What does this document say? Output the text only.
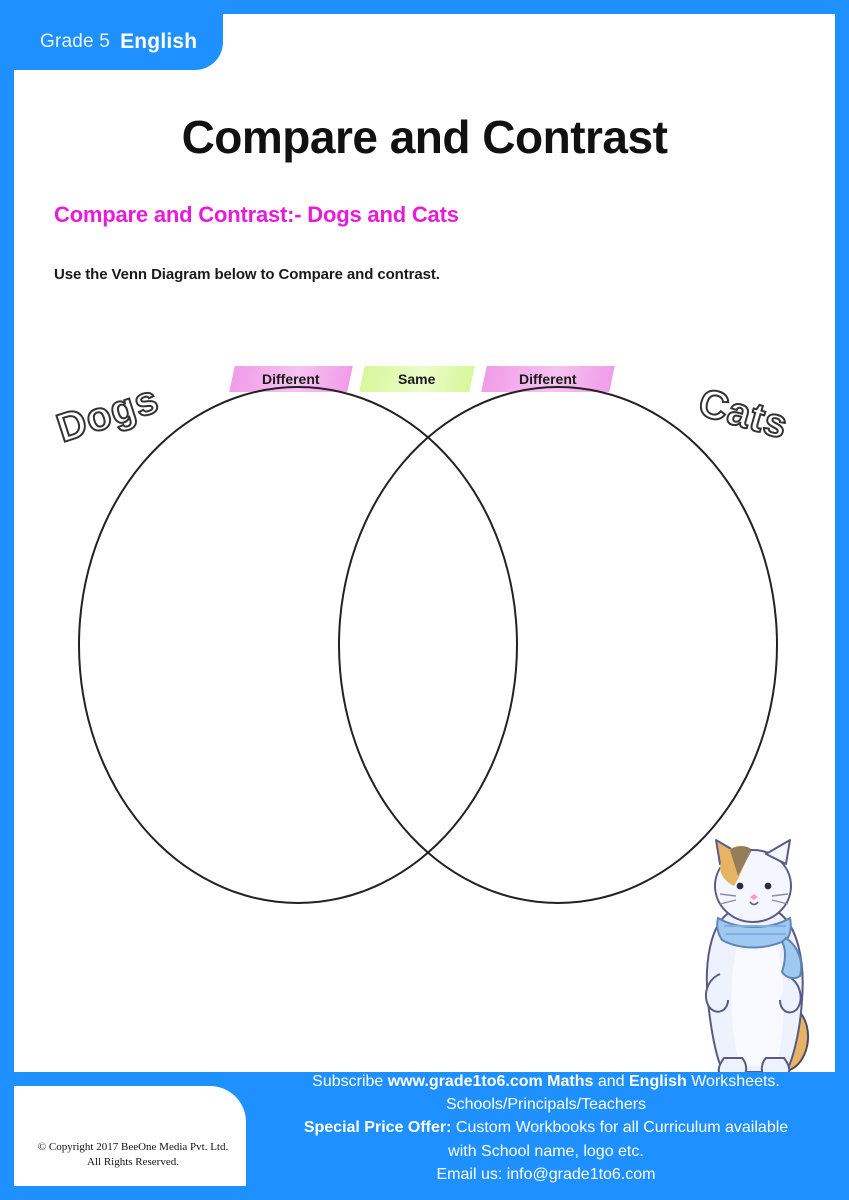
Grade 5 English
Compare and Contrast
Compare and Contrast:- Dogs and Cats
Use the Venn Diagram below to Compare and contrast.
Different	Same	Different
Dogs	Cats
© Copyright 2017 BeeOne Media Pvt. Ltd.
All Rights Reserved.
Subscribe www.grade1to6.com Maths and English Worksheets.
Schools/Principals/Teachers
Special Price Offer: Custom Workbooks for all Curriculum available
with School name, logo etc.
Email us: info@grade1to6.com
